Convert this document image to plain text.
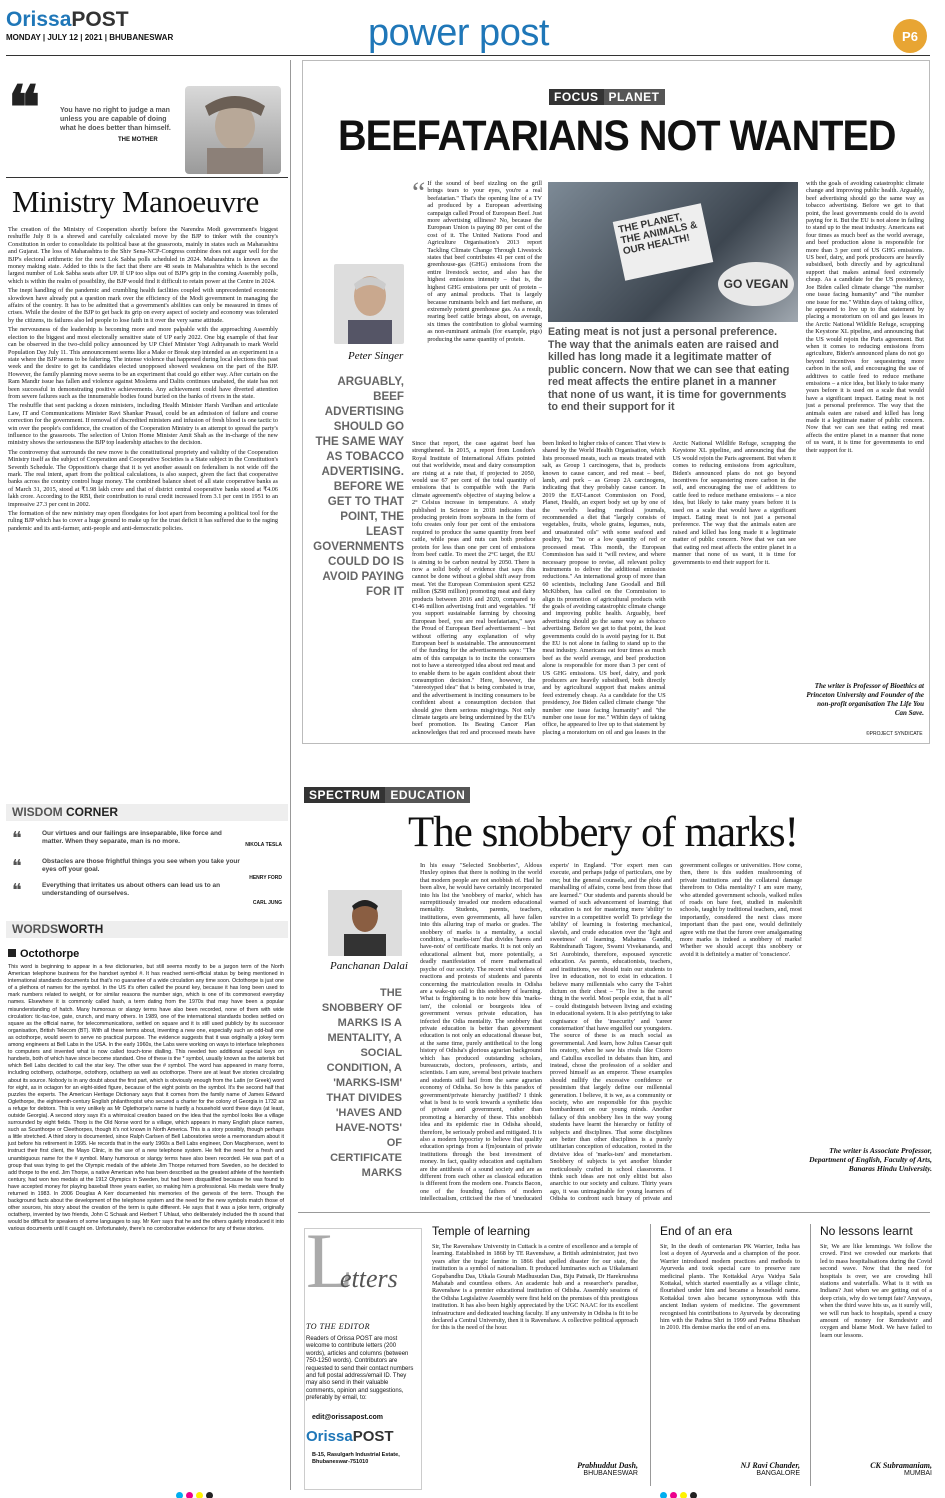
OrissaPOST
MONDAY | JULY 12 | 2021 | BHUBANESWAR	power post	P6
❝	You have no right to judge a man unless you are capable of doing what he does better than himself.
THE MOTHER
Ministry Manoeuvre

The creation of the Ministry of Cooperation shortly before the Narendra Modi government's biggest reshuffle July 8 is a shrewd and carefully calculated move by the BJP to tinker with the country's Constitution in order to consolidate its political base at the grassroots, mainly in states such as Maharashtra and Gujarat. The loss of Maharashtra to the Shiv Sena-NCP-Congress combine does not augur well for the BJP's electoral arithmetic for the next Lok Sabha polls scheduled in 2024. Maharashtra is known as the money making state. Added to this is the fact that there are 48 seats in Maharashtra which is the second largest number of Lok Sabha seats after UP. If UP too slips out of BJP's grip in the coming Assembly polls, which is within the realm of possibility, the BJP would find it difficult to retain power at the Centre in 2024.

The inept handling of the pandemic and crumbling health facilities coupled with unprecedented economic slowdown have already put a question mark over the efficiency of the Modi government in managing the affairs of the country. It has to be admitted that a government's abilities can only be measured in times of crises. While the desire of the BJP to get back its grip on every aspect of society and economy was tolerated by the citizens, its failures also led people to lose faith in it over the very same attitude.

The nervousness of the leadership is becoming more and more palpable with the approaching Assembly election to the biggest and most electorally sensitive state of UP early 2022. One big example of that fear can be observed in the two-child policy announced by UP Chief Minister Yogi Adityanath to mark World Population Day July 11. This announcement seems like a Make or Break step intended as an experiment in a state where the BJP seems to be faltering. The intense violence that happened during local elections this past week and the desire to get its candidates elected unopposed showed weakness on the part of the BJP. However, the family planning move seems to be an experiment that could go either way. After curtain on the Ram Mandir issue has fallen and violence against Moslems and Dalits continues unabated, the state has not been successful in demonstrating positive achievements. Any achievement could have diverted attention from severe failures such as the innumerable bodies found buried on the banks of rivers in the state.

The reshuffle that sent packing a dozen ministers, including Health Minister Harsh Vardhan and articulate Law, IT and Communications Minister Ravi Shankar Prasad, could be an admission of failure and course correction for the government. If removal of discredited ministers and infusion of fresh blood is one tactic to win over the people's confidence, the creation of the Cooperation Ministry is an attempt to spread the party's influence to the grassroots. The selection of Union Home Minister Amit Shah as the in-charge of the new ministry shows the seriousness the BJP top leadership attaches to the decision.

The controversy that surrounds the new move is the constitutional propriety and validity of the Cooperation Ministry itself as the subject of Cooperation and Cooperative Societies is a State subject in the Constitution's Seventh Schedule. The Opposition's charge that it is yet another assault on federalism is not wide off the mark. The real intent, apart from the political calculations, is also suspect, given the fact that cooperative banks across the country control huge money. The combined balance sheet of all state cooperative banks as of March 31, 2015, stood at ₹1.98 lakh crore and that of district central cooperative banks stood at ₹4.06 lakh crore. According to the RBI, their contribution to rural credit increased from 3.1 per cent in 1951 to an impressive 27.3 per cent in 2002.

The formation of the new ministry may open floodgates for loot apart from becoming a political tool for the ruling BJP which has to cover a huge ground to make up for the trust deficit it has suffered due to the raging pandemic and its anti-farmer, anti-people and anti-democratic policies.

WISDOM CORNER
❝	Our virtues and our failings are inseparable, like force and matter. When they separate, man is no more.	NIKOLA TESLA
❝	Obstacles are those frightful things you see when you take your eyes off your goal.
HENRY FORD
❝	Everything that irritates us about others can lead us to an understanding of ourselves.
CARL JUNG
WORDSWORTH
Octothorpe
This word is beginning to appear in a few dictionaries, but still seems mostly to be a jargon term of the North American telephone business for the handset symbol #. It has reached semi-official status by being mentioned in international standards documents but that's no guarantee of a wide circulation any time soon. Octothorpe is just one of a plethora of names for the symbol. In the US it's often called the pound key, because it has long been used to mark numbers related to weight, or for similar reasons the number sign, which is one of its commonest everyday names. Elsewhere it is commonly called hash, a term dating from the 1970s that may have been a popular misunderstanding of hatch. Many humorous or slangy terms have also been recorded, none of them with wide circulation: tic-tac-toe, gate, crunch, and many others. In 1989, one of the international standards bodies settled on square as the official name, for telecommunications, settled on square and it is still used publicly by its successor organisation, British Telecom (BT). With all these terms about, inventing a new one, especially such an odd-ball one as octothorpe, would seem to serve no practical purpose. The evidence suggests that it was originally a jokey term among engineers at Bell Labs in the USA. In the early 1960s, the Labs were working on ways to interface telephones to computers and invented what is now called touch-tone dialling. This needed two additional special keys on handsets, both of which have since become standard. One of these is the * symbol, usually known as the asterisk but which Bell Labs decided to call the star key. The other was the # symbol. The word has appeared in many forms, including octotherp, octathorpe, octothorp, octatherp as well as octothorpe. There are at least five stories circulating about its source. Nobody is in any doubt about the first part, which is obviously enough from the Latin (or Greek) word for eight, as in octagon for an eight-sided figure, because of the eight points on the symbol. It's the second half that puzzles the experts. The American Heritage Dictionary says that it comes from the family name of James Edward Oglethorpe, the eighteenth-century English philanthropist who secured a charter for the colony of Georgia in 1732 as a refuge for debtors. This is very unlikely as Mr Oglethorpe's name is hardly a household word these days (at least, outside Georgia). A second story says it's a whimsical creation based on the idea that the symbol looks like a village surrounded by eight fields. Thorp is the Old Norse word for a village, which appears in many English place names, such as Scunthorpe or Cleethorpes, though it's not known in North America. This is a story possibly, though perhaps a little stretched. A third story is documented, since Ralph Carlsen of Bell Laboratories wrote a memorandum about it just before his retirement in 1995. He records that in the early 1960s a Bell Labs engineer, Don Macpherson, went to instruct their first client, the Mayo Clinic, in the use of a new telephone system. He felt the need for a fresh and unambiguous name for the # symbol. Many humorous or slangy terms have also been recorded. He was part of a group that was trying to get the Olympic medals of the athlete Jim Thorpe returned from Sweden, so he decided to add thorpe to the end. Jim Thorpe, a native American who has been described as the greatest athlete of the twentieth century, had won two medals at the 1912 Olympics in Sweden, but had been disqualified because he was found to have accepted money for playing baseball three years earlier, so making him a professional. His medals were finally returned in 1983. In 2006 Douglas A Kerr documented his memories of the genesis of the term. Though the background facts about the development of the telephone system and the need for the new symbols match those of other sources, his story about the creation of the term is quite different. He says that it was a joke term, originally octatherp, invented by two friends, John C Schaak and Herbert T Uhlaut, who deliberately included the th sound that would be difficult for speakers of some languages to say. Mr Kerr says that he and the others quietly introduced it into various documents until it caught on. Unfortunately, there's no corroborative evidence for any of these stories.
FOCUS PLANET
BEEFATARIANS NOT WANTED
Peter Singer
ARGUABLY, BEEF ADVERTISING SHOULD GO THE SAME WAY AS TOBACCO ADVERTISING. BEFORE WE GET TO THAT POINT, THE LEAST GOVERNMENTS COULD DO IS AVOID PAYING FOR IT
“ If the sound of beef sizzling on the grill brings tears to your eyes, you're a real beefatarian." That's the opening line of a TV ad produced by a European advertising campaign called Proud of European Beef. Just more advertising silliness? No, because the European Union is paying 80 per cent of the cost of it. The United Nations Food and Agriculture Organisation's 2013 report Tackling Climate Change Through Livestock states that beef contributes 41 per cent of the greenhouse-gas (GHG) emissions from the entire livestock sector, and also has the highest emissions intensity – that is, the highest GHG emissions per unit of protein – of any animal products. That is largely because ruminants belch and fart methane, an extremely potent greenhouse gas. As a result, rearing beef cattle brings about, on average, six times the contribution to global warming as non-ruminant animals (for example, pigs) producing the same quantity of protein.
THE PLANET, THE ANIMALS & OUR HEALTH!
GO VEGAN
Eating meat is not just a personal preference. The way that the animals eaten are raised and killed has long made it a legitimate matter of public concern. Now that we can see that eating red meat affects the entire planet in a manner that none of us want, it is time for governments to end their support for it
Since that report, the case against beef has strengthened. In 2015, a report from London's Royal Institute of International Affairs pointed out that worldwide, meat and dairy consumption are rising at a rate that, if projected to 2050, would use 67 per cent of the total quantity of emissions that is compatible with the Paris climate agreement's objective of staying below a 2° Celsius increase in temperature. A study published in Science in 2018 indicates that producing protein from soybeans in the form of tofu creates only four per cent of the emissions required to produce the same quantity from beef cattle, while peas and nuts can both produce protein for less than one per cent of emissions from beef cattle. To meet the 2°C target, the EU is aiming to be carbon neutral by 2050. There is now a solid body of evidence that says this cannot be done without a global shift away from meat. Yet the European Commission spent €252 million ($298 million) promoting meat and dairy products between 2016 and 2020, compared to €146 million advertising fruit and vegetables. "If you support sustainable farming by choosing European beef, you are real beefatarians," says the Proud of European Beef advertisement – but without offering any explanation of why European beef is sustainable. The announcement of the funding for the advertisements says: "The aim of this campaign is to incite the consumers not to have a stereotyped idea about red meat and to enable them to be again confident about their consumption decision." Here, however, the "stereotyped idea" that is being combated is true, and the advertisement is inciting consumers to be confident about a consumption decision that should give them serious misgivings. Not only climate targets are being undermined by the EU's beef promotion. Its Beating Cancer Plan acknowledges that red and processed meats have been linked to higher risks of cancer. That view is shared by the World Health Organisation, which lists processed meats, such as meats treated with salt, as Group 1 carcinogens, that is, products known to cause cancer, and red meat – beef, lamb, and pork – as Group 2A carcinogens, indicating that they probably cause cancer. In 2019 the EAT-Lancet Commission on Food, Planet, Health, an expert body set up by one of the world's leading medical journals, recommended a diet that "largely consists of vegetables, fruits, whole grains, legumes, nuts, and unsaturated oils" with some seafood and poultry, but "no or a low quantity of red or processed meat. This month, the European Commission has said it "will review, and where necessary propose to revise, all relevant policy instruments to deliver the additional emission reductions." An international group of more than 60 scientists, including Jane Goodall and Bill McKibben, has called on the Commission to align its promotion of agricultural products with the goals of avoiding catastrophic climate change and improving public health. Arguably, beef advertising should go the same way as tobacco advertising. Before we get to that point, the least governments could do is avoid paying for it. But the EU is not alone in failing to stand up to the meat industry. Americans eat four times as much beef as the world average, and beef production alone is responsible for more than 3 per cent of US GHG emissions. US beef, dairy, and pork producers are heavily subsidised, both directly and by agricultural support that makes animal feed extremely cheap. As a candidate for the US presidency, Joe Biden called climate change "the number one issue facing humanity" and "the number one issue for me." Within days of taking office, he appeared to live up to that statement by placing a moratorium on oil and gas leases in the Arctic National Wildlife Refuge, scrapping the Keystone XL pipeline, and announcing that the US would rejoin the Paris agreement. But when it comes to reducing emissions from agriculture, Biden's announced plans do not go beyond incentives for sequestering more carbon in the soil, and encouraging the use of additives to cattle feed to reduce methane emissions – a nice idea, but likely to take many years before it is used on a scale that would have a significant impact. Eating meat is not just a personal preference. The way that the animals eaten are raised and killed has long made it a legitimate matter of public concern. Now that we can see that eating red meat affects the entire planet in a manner that none of us want, it is time for governments to end their support for it.
with the goals of avoiding catastrophic climate change and improving public health. Arguably, beef advertising should go the same way as tobacco advertising. Before we get to that point, the least governments could do is avoid paying for it. But the EU is not alone in failing to stand up to the meat industry. Americans eat four times as much beef as the world average, and beef production alone is responsible for more than 3 per cent of US GHG emissions. US beef, dairy, and pork producers are heavily subsidised, both directly and by agricultural support that makes animal feed extremely cheap. As a candidate for the US presidency, Joe Biden called climate change "the number one issue facing humanity" and "the number one issue for me." Within days of taking office, he appeared to live up to that statement by placing a moratorium on oil and gas leases in the Arctic National Wildlife Refuge, scrapping the Keystone XL pipeline, and announcing that the US would rejoin the Paris agreement. But when it comes to reducing emissions from agriculture, Biden's announced plans do not go beyond incentives for sequestering more carbon in the soil, and encouraging the use of additives to cattle feed to reduce methane emissions – a nice idea, but likely to take many years before it is used on a scale that would have a significant impact. Eating meat is not just a personal preference. The way that the animals eaten are raised and killed has long made it a legitimate matter of public concern. Now that we can see that eating red meat affects the entire planet in a manner that none of us want, it is time for governments to end their support for it.
The writer is Professor of Bioethics at Princeton University and Founder of the non-profit organisation The Life You Can Save.
©PROJECT SYNDICATE
SPECTRUM EDUCATION
The snobbery of marks!
Panchanan Dalai
THE SNOBBERY OF MARKS IS A MENTALITY, A SOCIAL CONDITION, A 'MARKS-ISM' THAT DIVIDES 'HAVES AND HAVE-NOTS' OF CERTIFICATE MARKS
In his essay "Selected Snobberies", Aldous Huxley opines that there is nothing in the world that modern people are not snobbish of. Had he been alive, he would have certainly incorporated into his list the 'snobbery of marks', which has surreptitiously invaded our modern educational mentality. Students, parents, teachers, institutions, even governments, all have fallen into this alluring trap of marks or grades. The snobbery of marks is a mentality, a social condition, a 'marks-ism' that divides 'haves and have-nots' of certificate marks. It is not only an educational ailment but, more potentially, a deadly manifestation of mere mathematical psyche of our society. The recent viral videos of reactions and protests of students and parents concerning the matriculation results in Odisha are a wake-up call to this snobbery of learning. What is frightening is to note how this 'marks-ism', the colonial or bourgeois idea of government versus private education, has infected the Odia mentality. The snobbery that private education is better than government education is not only an educational disease but, at the same time, purely antithetical to the long history of Odisha's glorious agrarian background which has produced outstanding scholars, bureaucrats, doctors, professors, artists, and scientists. I am sure, several best private teachers and students still hail from the same agrarian economy of Odisha. So how is this paradox of government/private hierarchy justified? I think what is best is to work towards a synthetic idea of private and government, rather than promoting a hierarchy of these. This snobbish idea and its epidemic rise in Odisha should, therefore, be seriously probed and mitigated. It is also a modern hypocrisy to believe that quality education springs from a f(m)ountain of private institutions through the best investment of money. In fact, quality education and capitalism are the antithesis of a sound society and are as different from each other as classical education is different from the modern one. Francis Bacon, one of the founding fathers of modern intellectualism, criticised the rise of 'uneducated experts' in England. "For expert men can execute, and perhaps judge of particulars, one by one; but the general counsels, and the plots and marshalling of affairs, come best from those that are learned." Our students and parents should be warned of such advancement of learning; that education is not for mastering mere 'ability' to survive in a competitive world! To privilege the 'ability' of learning is fostering mechanical, slavish, and crude education over the 'light and sweetness' of learning. Mahatma Gandhi, Rabindranath Tagore, Swami Vivekananda, and Sri Aurobindo, therefore, espoused syncretic education. As parents, educationists, teachers, and institutions, we should train our students to live in education, not to exist in education. I believe many millennials who carry the T-shirt dictum on their chest – "To live is the rarest thing in the world. Most people exist, that is all" – could distinguish between living and existing in educational system. It is also petrifying to take cognisance of the 'insecurity' and 'career consternation' that have engulfed our youngsters. The source of these is as much social as governmental. And learn, how Julius Caesar quit his oratory, when he saw his rivals like Cicero and Catullus excelled in debates than him, and instead, chose the profession of a soldier and proved himself as an emperor. These examples should nullify the excessive confidence or pessimism that largely define our millennial generation. I believe, it is we, as a community or society, who are responsible for this psychic bombardment on our young minds. Another fallacy of this snobbery lies in the way young students have learnt the hierarchy or futility of subjects and disciplines. That some disciplines are better than other disciplines is a purely utilitarian conception of education, rooted in the divisive idea of 'marks-ism' and monetarism. Snobbery of subjects is yet another blunder meticulously crafted in school classrooms. I think such ideas are not only elitist but also anarchic to our society and culture. Thirty years ago, it was unimaginable for young learners of Odisha to confront such binary of private and government colleges or universities. How come, then, there is this sudden mushrooming of private institutions and the collateral damage therefrom to Odia mentality? I am sure many, who attended government schools, walked miles of roads on bare feet, studied in makeshift schools, taught by traditional teachers, and, most importantly, considered the next class more important than the past one, would definitely agree with me that the furore over amalgamating more marks is indeed a snobbery of marks! Whether we should accept this snobbery or avoid it is definitely a matter of 'conscience'.
The writer is Associate Professor, Department of English, Faculty of Arts, Banaras Hindu University.
L
etters
TO THE EDITOR
Readers of Orissa POST are most welcome to contribute letters (200 words), articles and columns (between 750-1250 words). Contributors are requested to send their contact numbers and full postal address/email ID. They may also send in their valuable comments, opinion and suggestions, preferably by email, to:
edit@orissapost.com
OrissaPOST
B-15, Rasulgarh Industrial Estate, Bhubaneswar-751010
Temple of learning
Sir, The Ravenshaw University in Cuttack is a centre of excellence and a temple of learning. Established in 1868 by TE Ravenshaw, a British administrator, just two years after the tragic famine in 1866 that spelled disaster for our state, the institution is a symbol of nationalism. It produced luminaries such as Utkalamani Gopabandhu Das, Utkala Gourab Madhusudan Das, Biju Patnaik, Dr Harekrushna Mahatab and countless others. An academic hub and a researcher's paradise, Ravenshaw is a premier educational institution of Odisha. Assembly sessions of the Odisha Legislative Assembly were first held on the premises of this prestigious institution. It has also been highly appreciated by the UGC NAAC for its excellent infrastructure and dedicated teaching faculty. If any university in Odisha is fit to be declared a Central University, then it is Ravenshaw. A collective political approach for this is the need of the hour.
Prabhuddut Dash,
BHUBANESWAR
End of an era
Sir, In the death of centenarian PK Warrier, India has lost a doyen of Ayurveda and a champion of the poor. Warrier introduced modern practices and methods to Ayurveda and took special care to preserve rare medicinal plants. The Kottakkal Arya Vaidya Sala Kottakal, which started essentially as a village clinic, flourished under him and became a household name. Kottakkal town also became synonymous with this ancient Indian system of medicine. The government recognised his contributions to Ayurveda by decorating him with the Padma Shri in 1999 and Padma Bhushan in 2010. His demise marks the end of an era.
NJ Ravi Chander,
BANGALORE
No lessons learnt
Sir, We are like lemmings. We follow the crowd. First we crowded our markets that led to mass hospitalisations during the Covid second wave. Now that the need for hospitals is over, we are crowding hill stations and waterfalls. What is it with us Indians? Just when we are getting out of a deep crisis, why do we tempt fate? Anyways, when the third wave hits us, as it surely will, we will run back to hospitals, spend a crazy amount of money for Remdesivir and oxygen and blame Modi. We have failed to learn our lessons.
CK Subramaniam,
MUMBAI
